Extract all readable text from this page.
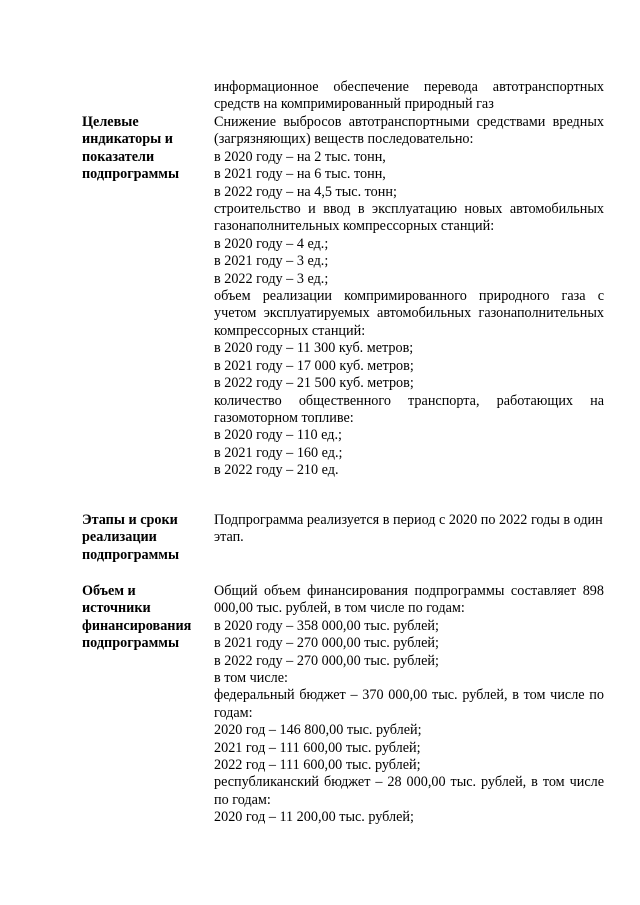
информационное обеспечение перевода автотранспортных

средств на компримированный природный газ

Целевые индикаторы и показатели подпрограммы

Снижение выбросов автотранспортными средствами вредных (загрязняющих) веществ последовательно:

в 2020 году – на 2 тыс. тонн,

в 2021 году – на 6 тыс. тонн,

в 2022 году – на 4,5 тыс. тонн;

строительство и ввод в эксплуатацию новых автомобильных газонаполнительных компрессорных станций:

в 2020 году – 4 ед.;

в 2021 году – 3 ед.;

в 2022 году – 3 ед.;

объем реализации компримированного природного газа с учетом эксплуатируемых автомобильных газонаполнительных компрессорных станций:

в 2020 году – 11 300 куб. метров;

в 2021 году – 17 000 куб. метров;

в 2022 году – 21 500 куб. метров;

количество общественного транспорта, работающих на газомоторном топливе:

в 2020 году – 110 ед.;

в 2021 году – 160 ед.;

в 2022 году – 210 ед.

Этапы и сроки реализации подпрограммы

Подпрограмма реализуется в период с 2020 по 2022 годы в один этап.

Объем и источники финансирования подпрограммы

Общий объем финансирования подпрограммы составляет 898 000,00 тыс. рублей, в том числе по годам:

в 2020 году – 358 000,00 тыс. рублей;

в 2021 году – 270 000,00 тыс. рублей;

в 2022 году – 270 000,00 тыс. рублей;

в том числе:

федеральный бюджет – 370 000,00 тыс. рублей, в том числе по годам:

2020 год – 146 800,00 тыс. рублей;

2021 год – 111 600,00 тыс. рублей;

2022 год – 111 600,00 тыс. рублей;

республиканский бюджет – 28 000,00 тыс. рублей, в том числе по годам:

2020 год – 11 200,00 тыс. рублей;
